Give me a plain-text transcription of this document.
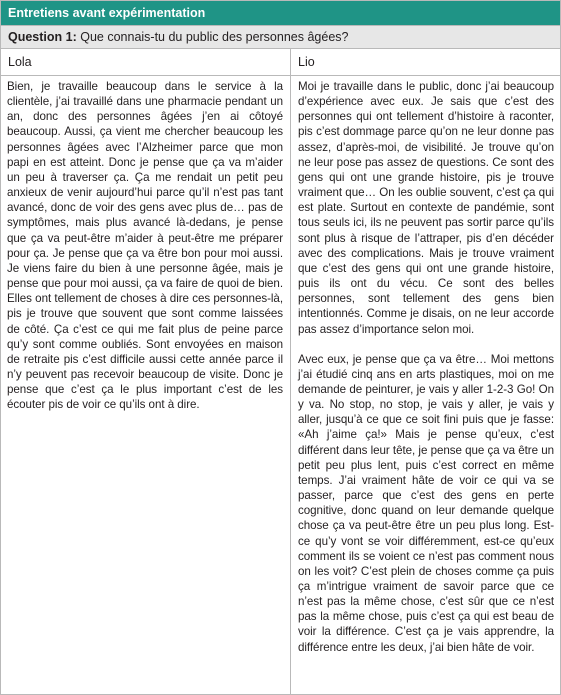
Entretiens avant expérimentation
Question 1: Que connais-tu du public des personnes âgées?
Lola	Lio

Bien, je travaille beaucoup dans le service à la clientèle, j’ai travaillé dans une pharmacie pendant un an, donc des personnes âgées j’en ai côtoyé beaucoup. Aussi, ça vient me chercher beaucoup les personnes âgées avec l’Alzheimer parce que mon papi en est atteint. Donc je pense que ça va m’aider un peu à traverser ça. Ça me rendait un petit peu anxieux de venir aujourd’hui parce qu’il n’est pas tant avancé, donc de voir des gens avec plus de… pas de symptômes, mais plus avancé là-dedans, je pense que ça va peut-être m’aider à peut-être me préparer pour ça. Je pense que ça va être bon pour moi aussi. Je viens faire du bien à une personne âgée, mais je pense que pour moi aussi, ça va faire de quoi de bien. Elles ont tellement de choses à dire ces personnes-là, pis je trouve que souvent que sont comme laissées de côté. Ça c’est ce qui me fait plus de peine parce qu’y sont comme oubliés. Sont envoyées en maison de retraite pis c’est difficile aussi cette année parce il n’y peuvent pas recevoir beaucoup de visite. Donc je pense que c’est ça le plus important c’est de les écouter pis de voir ce qu’ils ont à dire.

Moi je travaille dans le public, donc j’ai beaucoup d’expérience avec eux. Je sais que c’est des personnes qui ont tellement d’histoire à raconter, pis c’est dommage parce qu’on ne leur donne pas assez, d’après-moi, de visibilité. Je trouve qu’on ne leur pose pas assez de questions. Ce sont des gens qui ont une grande histoire, pis je trouve vraiment que… On les oublie souvent, c’est ça qui est plate. Surtout en contexte de pandémie, sont tous seuls ici, ils ne peuvent pas sortir parce qu’ils sont plus à risque de l’attraper, pis d’en décéder avec des complications. Mais je trouve vraiment que c’est des gens qui ont une grande histoire, puis ils ont du vécu. Ce sont des belles personnes, sont tellement des gens bien intentionnés. Comme je disais, on ne leur accorde pas assez d’importance selon moi.

Avec eux, je pense que ça va être… Moi mettons j’ai étudié cinq ans en arts plastiques, moi on me demande de peinturer, je vais y aller 1-2-3 Go! On y va. No stop, no stop, je vais y aller, je vais y aller, jusqu’à ce que ce soit fini puis que je fasse: «Ah j’aime ça!» Mais je pense qu’eux, c’est différent dans leur tête, je pense que ça va être un petit peu plus lent, puis c’est correct en même temps. J’ai vraiment hâte de voir ce qui va se passer, parce que c’est des gens en perte cognitive, donc quand on leur demande quelque chose ça va peut-être être un peu plus long. Est-ce qu’y vont se voir différemment, est-ce qu’eux comment ils se voient ce n’est pas comment nous on les voit? C’est plein de choses comme ça puis ça m’intrigue vraiment de savoir parce que ce n’est pas la même chose, c’est sûr que ce n’est pas la même chose, puis c’est ça qui est beau de voir la différence. C’est ça je vais apprendre, la différence entre les deux, j’ai bien hâte de voir.
